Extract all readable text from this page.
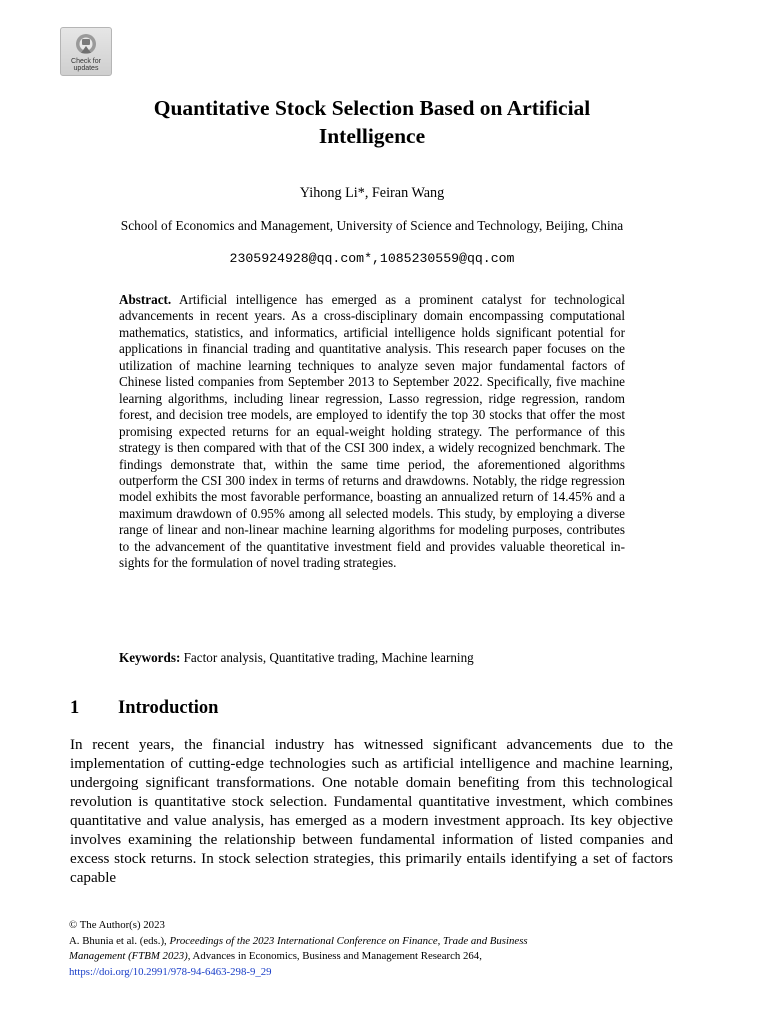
Check for
updates
Quantitative Stock Selection Based on Artificial
Intelligence
Yihong Li*, Feiran Wang
School of Economics and Management, University of Science and Technology, Beijing, China
2305924928@qq.com*,1085230559@qq.com
Abstract. Artificial intelligence has emerged as a prominent catalyst for technological advancements in recent years. As a cross-disciplinary domain encompassing computational mathematics, statistics, and informatics, artificial intelligence holds significant potential for applications in financial trading and quantitative analysis. This research paper focuses on the utilization of machine learning techniques to analyze seven major fundamental factors of Chinese listed companies from September 2013 to September 2022. Specifically, five machine learning algorithms, including linear regression, Lasso regression, ridge regression, random forest, and decision tree models, are employed to identify the top 30 stocks that offer the most promising expected returns for an equal-weight holding strategy. The performance of this strategy is then compared with that of the CSI 300 index, a widely recognized benchmark. The findings demonstrate that, within the same time period, the aforementioned algorithms outperform the CSI 300 index in terms of returns and drawdowns. Notably, the ridge regression model exhibits the most favorable performance, boasting an annualized return of 14.45% and a maximum drawdown of 0.95% among all selected models. This study, by employing a diverse range of linear and non-linear machine learning algorithms for modeling purposes, contributes to the advancement of the quantitative investment field and provides valuable theoretical insights for the formulation of novel trading strategies.
Keywords: Factor analysis, Quantitative trading, Machine learning
1 Introduction
In recent years, the financial industry has witnessed significant advancements due to the implementation of cutting-edge technologies such as artificial intelligence and machine learning, undergoing significant transformations. One notable domain benefiting from this technological revolution is quantitative stock selection. Fundamental quantitative investment, which combines quantitative and value analysis, has emerged as a modern investment approach. Its key objective involves examining the relationship between fundamental information of listed companies and excess stock returns. In stock selection strategies, this primarily entails identifying a set of factors capable
© The Author(s) 2023
A. Bhunia et al. (eds.), Proceedings of the 2023 International Conference on Finance, Trade and Business
Management (FTBM 2023), Advances in Economics, Business and Management Research 264,
https://doi.org/10.2991/978-94-6463-298-9_29
